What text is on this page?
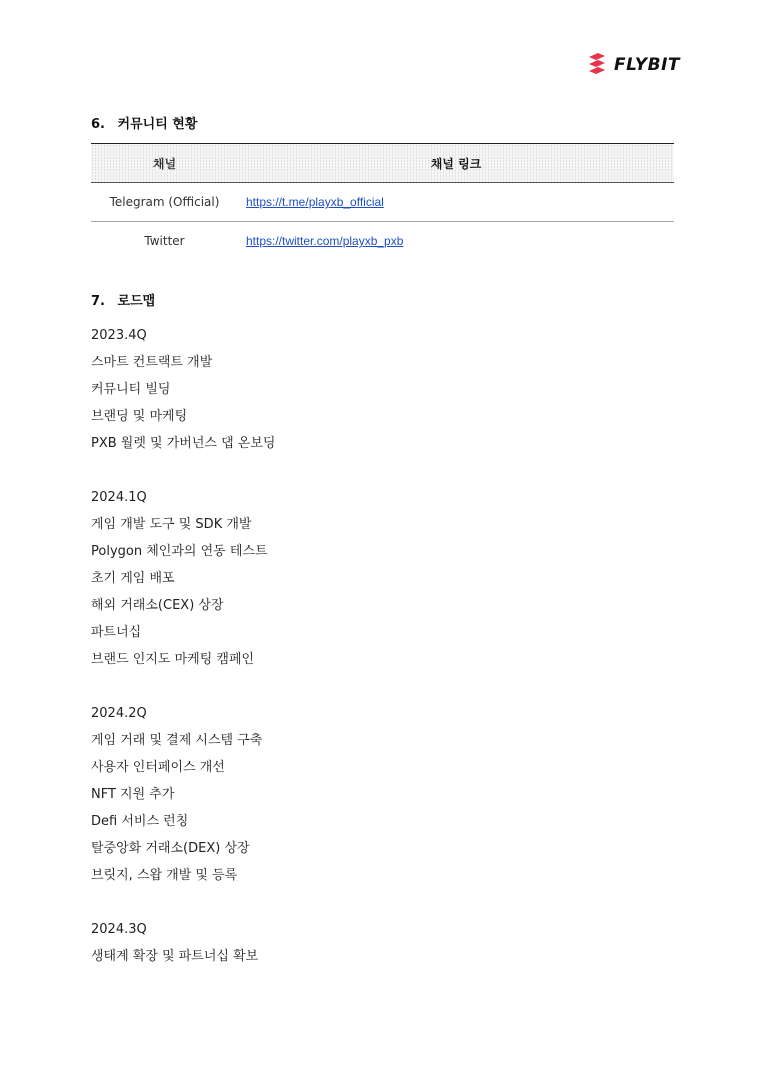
FLYBIT
6. 커뮤니티 현황
채널	채널 링크
Telegram (Official)	https://t.me/playxb_official
Twitter	https://twitter.com/playxb_pxb
7. 로드맵
2023.4Q
스마트 컨트랙트 개발
커뮤니티 빌딩
브랜딩 및 마케팅
PXB 월렛 및 가버넌스 댑 온보딩
2024.1Q
게임 개발 도구 및 SDK 개발
Polygon 체인과의 연동 테스트
초기 게임 배포
해외 거래소(CEX) 상장
파트너십
브랜드 인지도 마케팅 캠페인
2024.2Q
게임 거래 및 결제 시스템 구축
사용자 인터페이스 개선
NFT 지원 추가
Defi 서비스 런칭
탈중앙화 거래소(DEX) 상장
브릿지, 스왑 개발 및 등록
2024.3Q
생태계 확장 및 파트너십 확보
